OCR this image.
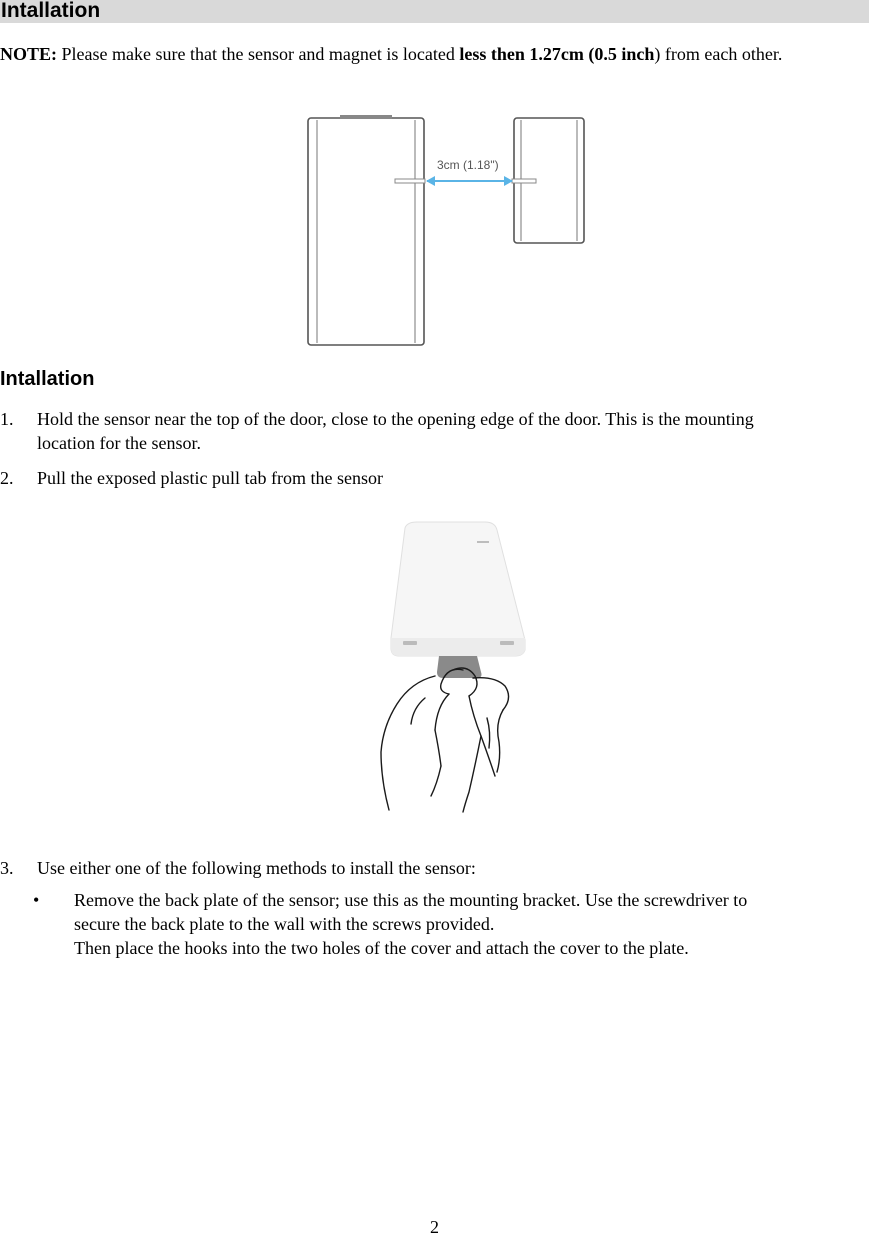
Intallation
NOTE: Please make sure that the sensor and magnet is located less then 1.27cm (0.5 inch) from each other.
3cm (1.18")
Intallation
1. Hold the sensor near the top of the door, close to the opening edge of the door. This is the mounting
location for the sensor.
2. Pull the exposed plastic pull tab from the sensor
3. Use either one of the following methods to install the sensor:
• Remove the back plate of the sensor; use this as the mounting bracket. Use the screwdriver to
secure the back plate to the wall with the screws provided.
Then place the hooks into the two holes of the cover and attach the cover to the plate.
2
